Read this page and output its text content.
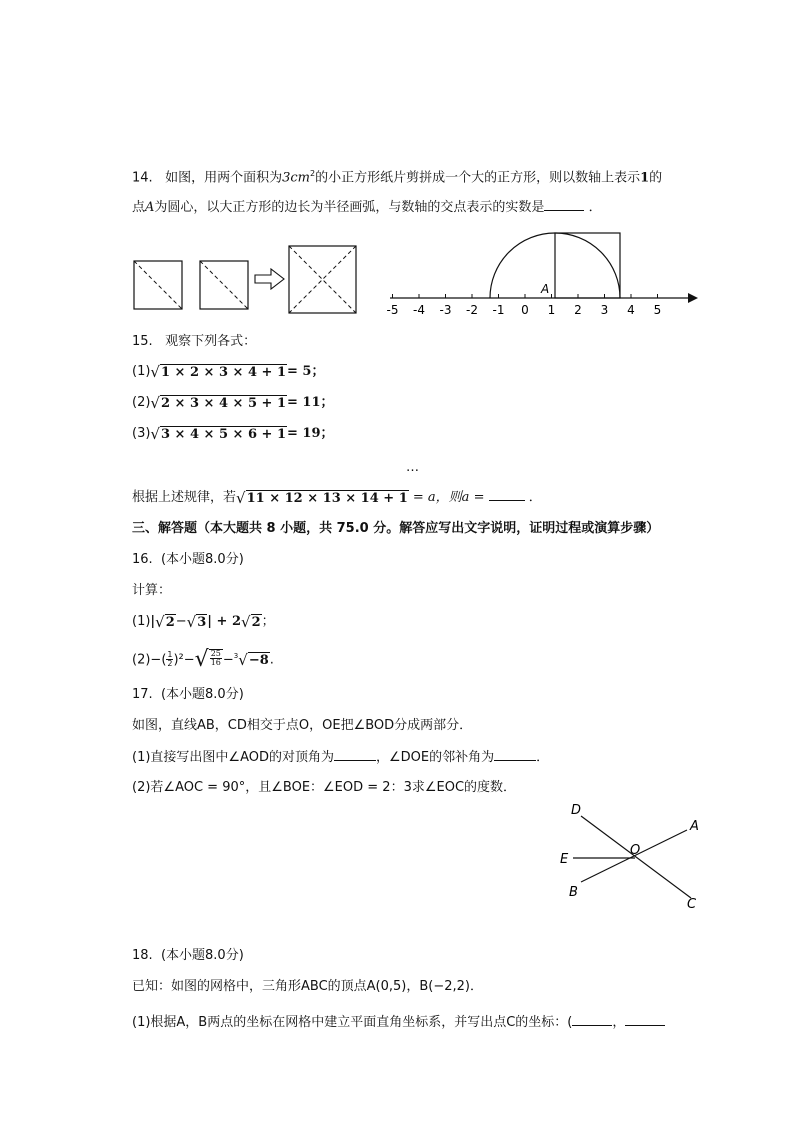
14. 如图，用两个面积为$3cm^2$的小正方形纸片剪拼成一个大的正方形，则以数轴上表示1的
点A为圆心，以大正方形的边长为半径画弧，与数轴的交点表示的实数是	．
A
-5 -4 -3 -2 -1 0 1 2 3 4 5
15. 观察下列各式：
(1) √ 1 × 2 × 3 × 4 + 1 = 5；
(2) √ 2 × 3 × 4 × 5 + 1 = 11；
(3) √ 3 × 4 × 5 × 6 + 1 = 19；
…
根据上述规律，若 √ 11 × 12 × 13 × 14 + 1 = a，则a =	．
三、解答题（本大题共 8 小题，共 75.0 分。解答应写出文字说明，证明过程或演算步骤）
16. (本小题8.0分)
计算：
(1)| √ 2 − √ 3 | + 2 √ 2 ；
$(2)-( \frac{1}{2} )^2-$ √ $\frac{25}{16} -^3$ √ −8 .
17. (本小题8.0分)
如图，直线AB，CD相交于点O，OE把∠BOD分成两部分．
(1)直接写出图中∠AOD的对顶角为	，∠DOE的邻补角为	．
(2)若∠AOC = 90°，且∠BOE：∠EOD = 2：3求∠EOC的度数．
D
A
O
E
B
C
18. (本小题8.0分)
已知：如图的网格中，三角形ABC的顶点A(0,5)，B(−2,2)．
(1)根据A，B两点的坐标在网格中建立平面直角坐标系，并写出点C的坐标：(	，
